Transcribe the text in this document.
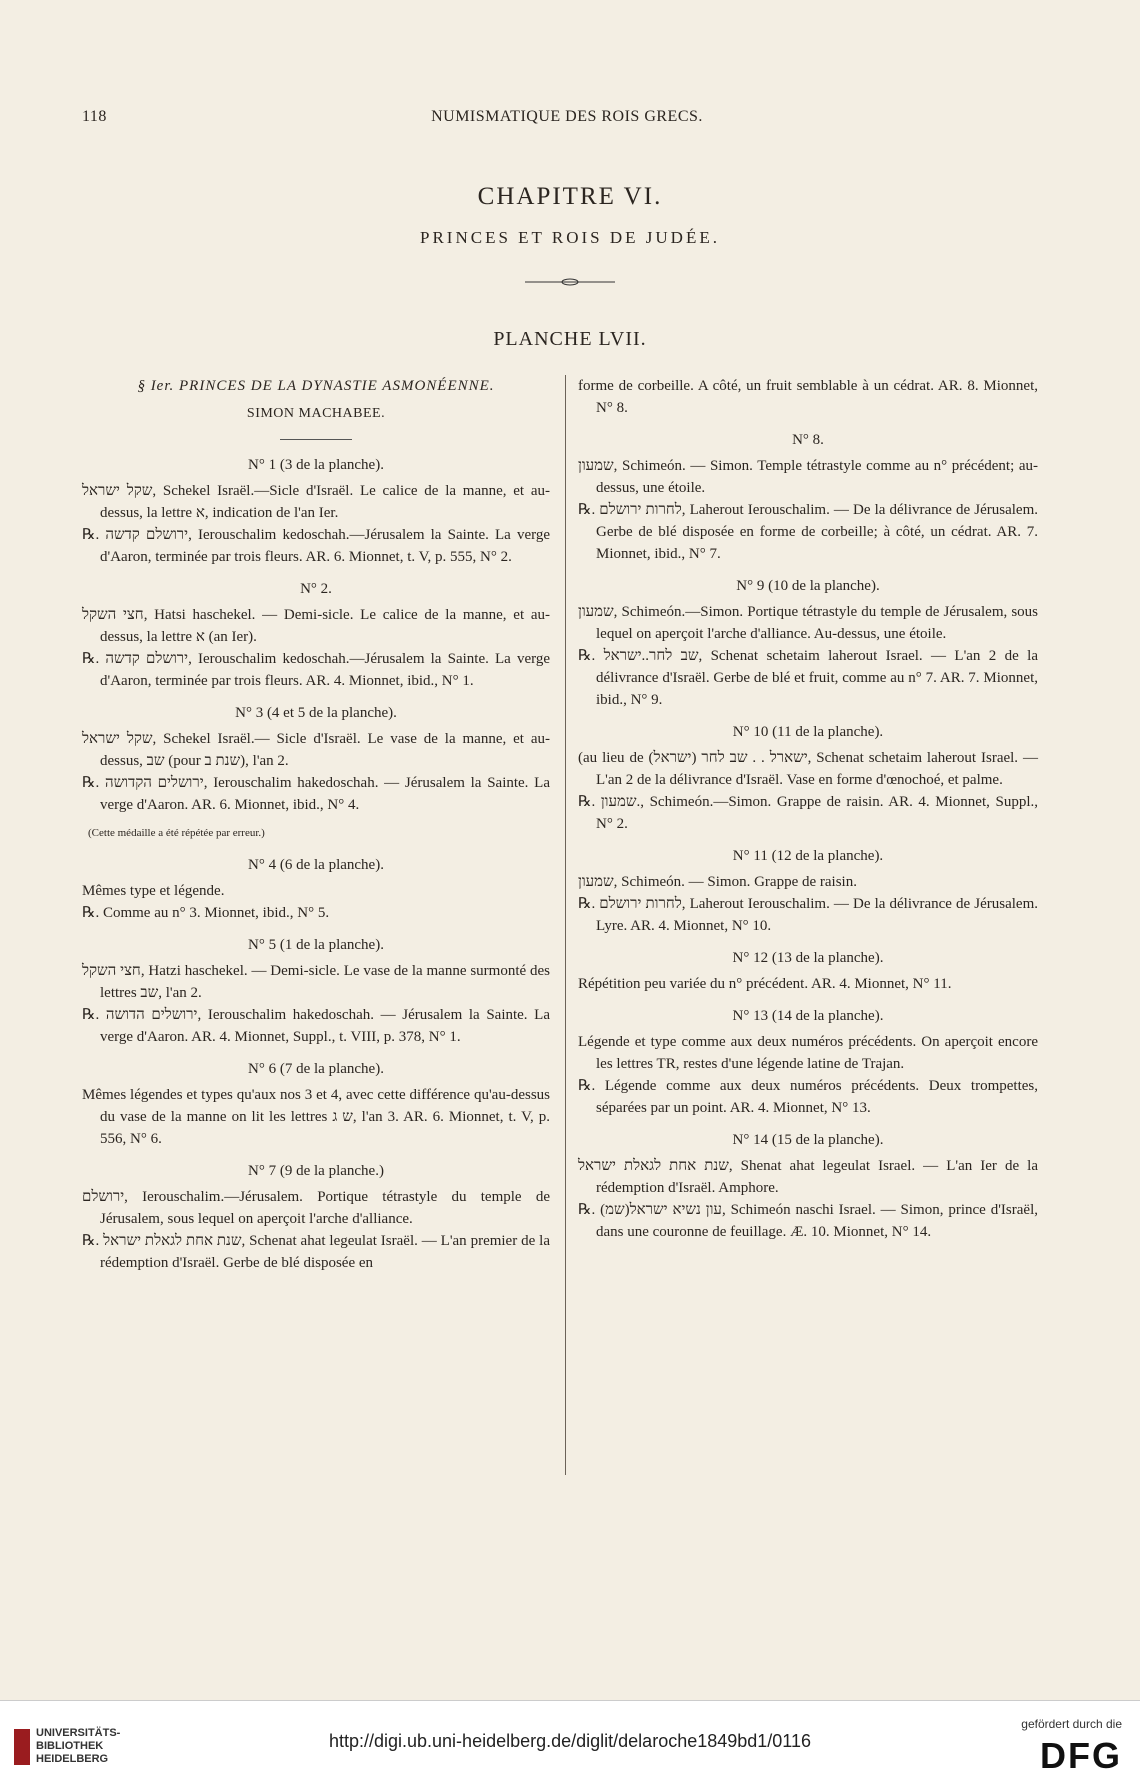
118	NUMISMATIQUE DES ROIS GRECS.
CHAPITRE VI.
PRINCES ET ROIS DE JUDÉE.
PLANCHE LVII.
§ Ier. PRINCES DE LA DYNASTIE ASMONÉENNE.
SIMON MACHABEE.
N° 1 (3 de la planche).

שקל ישראל, Schekel Israël.—Sicle d'Israël. Le calice de la manne, et au-dessus, la lettre א, indication de l'an Ier.

℞. ירושלם קדשה, Ierouschalim kedoschah.—Jérusalem la Sainte. La verge d'Aaron, terminée par trois fleurs. AR. 6. Mionnet, t. V, p. 555, N° 2.

N° 2.

חצי השקל, Hatsi haschekel. — Demi-sicle. Le calice de la manne, et au-dessus, la lettre א (an Ier).

℞. ירושלם קדשה, Ierouschalim kedoschah.—Jérusalem la Sainte. La verge d'Aaron, terminée par trois fleurs. AR. 4. Mionnet, ibid., N° 1.

N° 3 (4 et 5 de la planche).

שקל ישראל, Schekel Israël.— Sicle d'Israël. Le vase de la manne, et au-dessus, שב (pour שנת ב), l'an 2.

℞. ירושלים הקדושה, Ierouschalim hakedoschah. — Jérusalem la Sainte. La verge d'Aaron. AR. 6. Mionnet, ibid., N° 4.

(Cette médaille a été répétée par erreur.)
N° 4 (6 de la planche).

Mêmes type et légende.

℞. Comme au n° 3. Mionnet, ibid., N° 5.

N° 5 (1 de la planche).

חצי השקל, Hatzi haschekel. — Demi-sicle. Le vase de la manne surmonté des lettres שב, l'an 2.

℞. ירושלים הדושה, Ierouschalim hakedoschah. — Jérusalem la Sainte. La verge d'Aaron. AR. 4. Mionnet, Suppl., t. VIII, p. 378, N° 1.

N° 6 (7 de la planche).

Mêmes légendes et types qu'aux nos 3 et 4, avec cette différence qu'au-dessus du vase de la manne on lit les lettres ש ג, l'an 3. AR. 6. Mionnet, t. V, p. 556, N° 6.

N° 7 (9 de la planche.)

ירושלם, Ierouschalim.—Jérusalem. Portique tétrastyle du temple de Jérusalem, sous lequel on aperçoit l'arche d'alliance.

℞. שנת אחת לגאלת ישראל, Schenat ahat legeulat Israël. — L'an premier de la rédemption d'Israël. Gerbe de blé disposée en

forme de corbeille. A côté, un fruit semblable à un cédrat. AR. 8. Mionnet, N° 8.

N° 8.

שמעון, Schimeón. — Simon. Temple tétrastyle comme au n° précédent; au-dessus, une étoile.

℞. לחרות ירושלם, Laherout Ierouschalim. — De la délivrance de Jérusalem. Gerbe de blé disposée en forme de corbeille; à côté, un cédrat. AR. 7. Mionnet, ibid., N° 7.

N° 9 (10 de la planche).

שמעון, Schimeón.—Simon. Portique tétrastyle du temple de Jérusalem, sous lequel on aperçoit l'arche d'alliance. Au-dessus, une étoile.

℞. שב לחר..ישראל, Schenat schetaim laherout Israel. — L'an 2 de la délivrance d'Israël. Gerbe de blé et fruit, comme au n° 7. AR. 7. Mionnet, ibid., N° 9.

N° 10 (11 de la planche).

(au lieu de (ישראל) ישארל . . שב לחר, Schenat schetaim laherout Israel. — L'an 2 de la délivrance d'Israël. Vase en forme d'œnochoé, et palme.

℞. שמעון., Schimeón.—Simon. Grappe de raisin. AR. 4. Mionnet, Suppl., N° 2.

N° 11 (12 de la planche).

שמעון, Schimeón. — Simon. Grappe de raisin.

℞. לחרות ירושלם, Laherout Ierouschalim. — De la délivrance de Jérusalem. Lyre. AR. 4. Mionnet, N° 10.

N° 12 (13 de la planche).

Répétition peu variée du n° précédent. AR. 4. Mionnet, N° 11.

N° 13 (14 de la planche).

Légende et type comme aux deux numéros précédents. On aperçoit encore les lettres TR, restes d'une légende latine de Trajan.

℞. Légende comme aux deux numéros précédents. Deux trompettes, séparées par un point. AR. 4. Mionnet, N° 13.

N° 14 (15 de la planche).

שנת אחת לגאלת ישראל, Shenat ahat legeulat Israel. — L'an Ier de la rédemption d'Israël. Amphore.

℞. (שמ)עון נשיא ישראל, Schimeón naschi Israel. — Simon, prince d'Israël, dans une couronne de feuillage. Æ. 10. Mionnet, N° 14.

UNIVERSITÄTS-
BIBLIOTHEK
HEIDELBERG
http://digi.ub.uni-heidelberg.de/diglit/delaroche1849bd1/0116
gefördert durch die
DFG
